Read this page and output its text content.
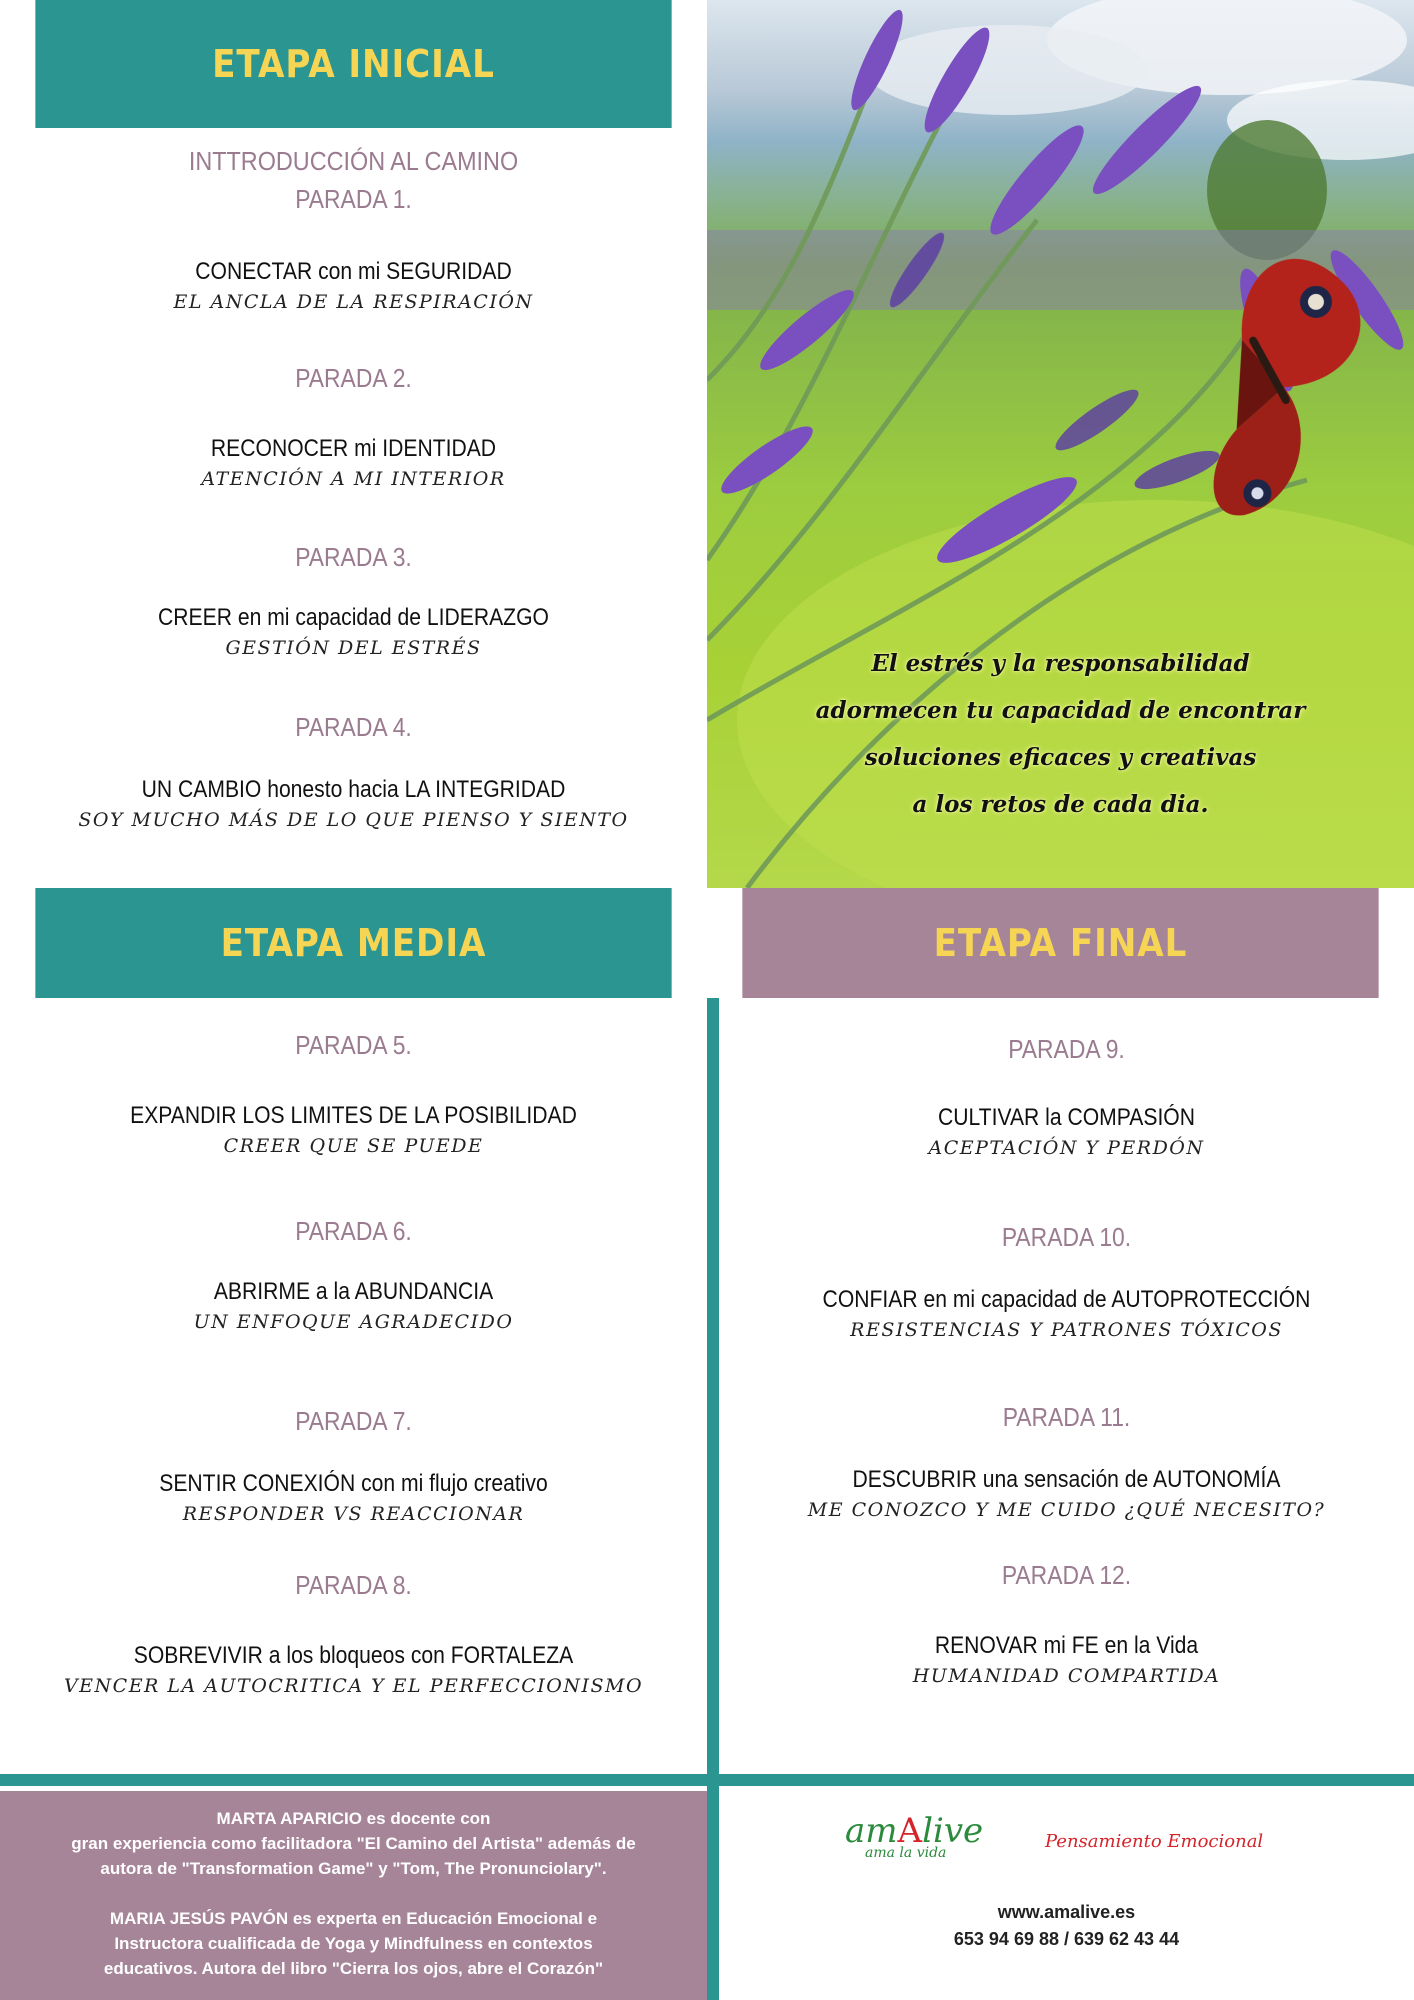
ETAPA INICIAL
INTTRODUCCIÓN AL CAMINO
PARADA 1.
CONECTAR con mi SEGURIDAD
EL ANCLA DE LA RESPIRACIÓN
PARADA 2.
RECONOCER mi IDENTIDAD
ATENCIÓN A MI INTERIOR
PARADA 3.
CREER en mi capacidad de LIDERAZGO
GESTIÓN DEL ESTRÉS
PARADA 4.
UN CAMBIO honesto hacia LA INTEGRIDAD
SOY MUCHO MÁS DE LO QUE PIENSO Y SIENTO
El estrés y la responsabilidad
adormecen tu capacidad de encontrar
soluciones eficaces y creativas
a los retos de cada dia.
ETAPA MEDIA
PARADA 5.
EXPANDIR LOS LIMITES DE LA POSIBILIDAD
CREER QUE SE PUEDE
PARADA 6.
ABRIRME a la ABUNDANCIA
UN ENFOQUE AGRADECIDO
PARADA 7.
SENTIR CONEXIÓN con mi flujo creativo
RESPONDER VS REACCIONAR
PARADA 8.
SOBREVIVIR a los bloqueos con FORTALEZA
VENCER LA AUTOCRITICA Y EL PERFECCIONISMO
ETAPA FINAL
PARADA 9.
CULTIVAR la COMPASIÓN
ACEPTACIÓN Y PERDÓN
PARADA 10.
CONFIAR en mi capacidad de AUTOPROTECCIÓN
RESISTENCIAS Y PATRONES TÓXICOS
PARADA 11.
DESCUBRIR una sensación de AUTONOMÍA
ME CONOZCO Y ME CUIDO ¿QUÉ NECESITO?
PARADA 12.
RENOVAR mi FE en la Vida
HUMANIDAD COMPARTIDA

MARTA APARICIO es docente con

gran experiencia como facilitadora "El Camino del Artista" además de

autora de "Transformation Game" y "Tom, The Pronunciolary".

MARIA JESÚS PAVÓN es experta en Educación Emocional e

Instructora cualificada de Yoga y Mindfulness en contextos

educativos. Autora del libro "Cierra los ojos, abre el Corazón"

amAlive
ama la vida
Pensamiento Emocional
www.amalive.es
653 94 69 88 / 639 62 43 44
